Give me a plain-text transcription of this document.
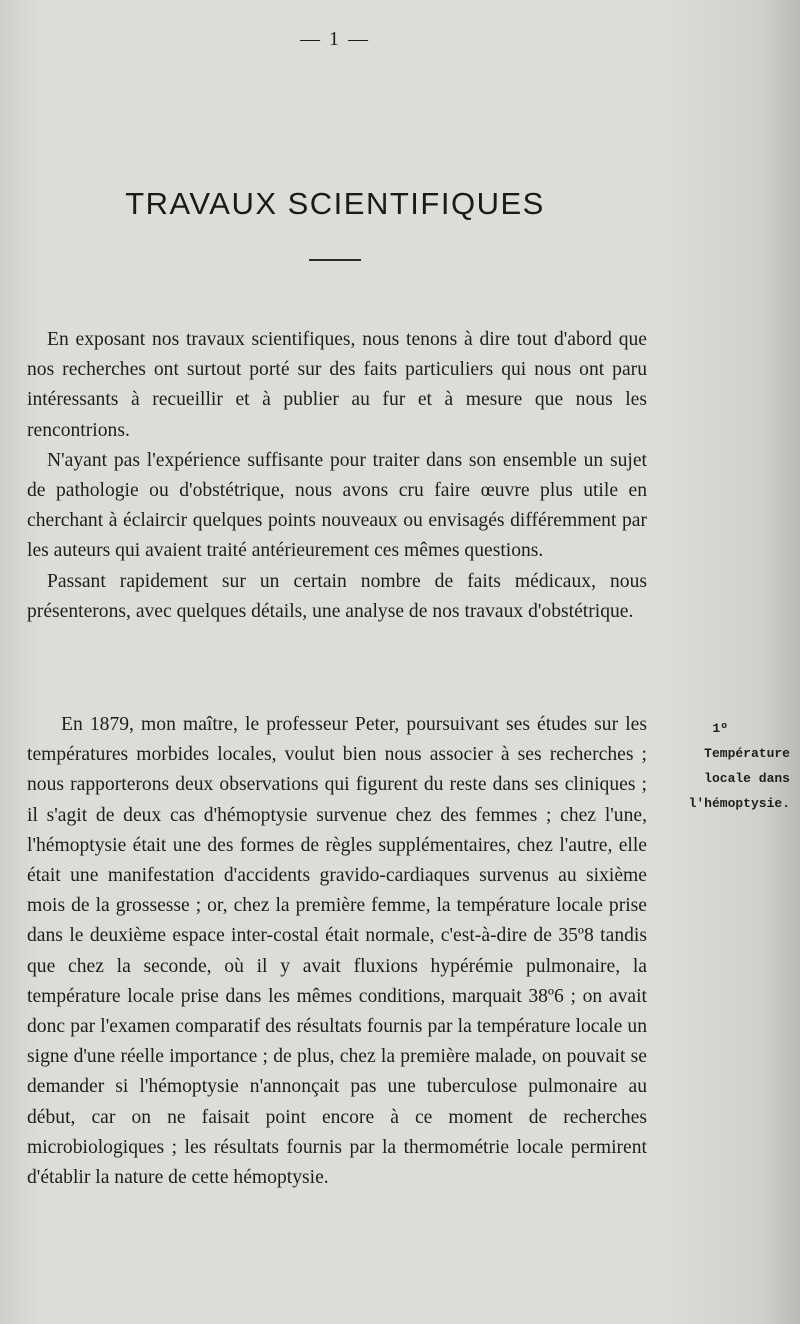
— 1 —
TRAVAUX SCIENTIFIQUES

En exposant nos travaux scientifiques, nous tenons à dire tout d'abord que nos recherches ont surtout porté sur des faits particuliers qui nous ont paru intéressants à recueillir et à publier au fur et à mesure que nous les rencontrions.

N'ayant pas l'expérience suffisante pour traiter dans son ensemble un sujet de pathologie ou d'obstétrique, nous avons cru faire œuvre plus utile en cherchant à éclaircir quelques points nouveaux ou envisagés différemment par les auteurs qui avaient traité antérieurement ces mêmes questions.

Passant rapidement sur un certain nombre de faits médicaux, nous présenterons, avec quelques détails, une analyse de nos travaux d'obstétrique.

En 1879, mon maître, le professeur Peter, poursuivant ses études sur les températures morbides locales, voulut bien nous associer à ses recherches ; nous rapporterons deux observations qui figurent du reste dans ses cliniques ; il s'agit de deux cas d'hémoptysie survenue chez des femmes ; chez l'une, l'hémoptysie était une des formes de règles supplémentaires, chez l'autre, elle était une manifestation d'accidents gravido-cardiaques survenus au sixième mois de la grossesse ; or, chez la première femme, la température locale prise dans le deuxième espace inter-costal était normale, c'est-à-dire de 35º8 tandis que chez la seconde, où il y avait fluxions hypérémie pulmonaire, la température locale prise dans les mêmes conditions, marquait 38º6 ; on avait donc par l'examen comparatif des résultats fournis par la température locale un signe d'une réelle importance ; de plus, chez la première malade, on pouvait se demander si l'hémoptysie n'annonçait pas une tuberculose pulmonaire au début, car on ne faisait point encore à ce moment de recherches microbiologiques ; les résultats fournis par la thermométrie locale permirent d'établir la nature de cette hémoptysie.

1º
Température
locale dans
l'hémoptysie.
